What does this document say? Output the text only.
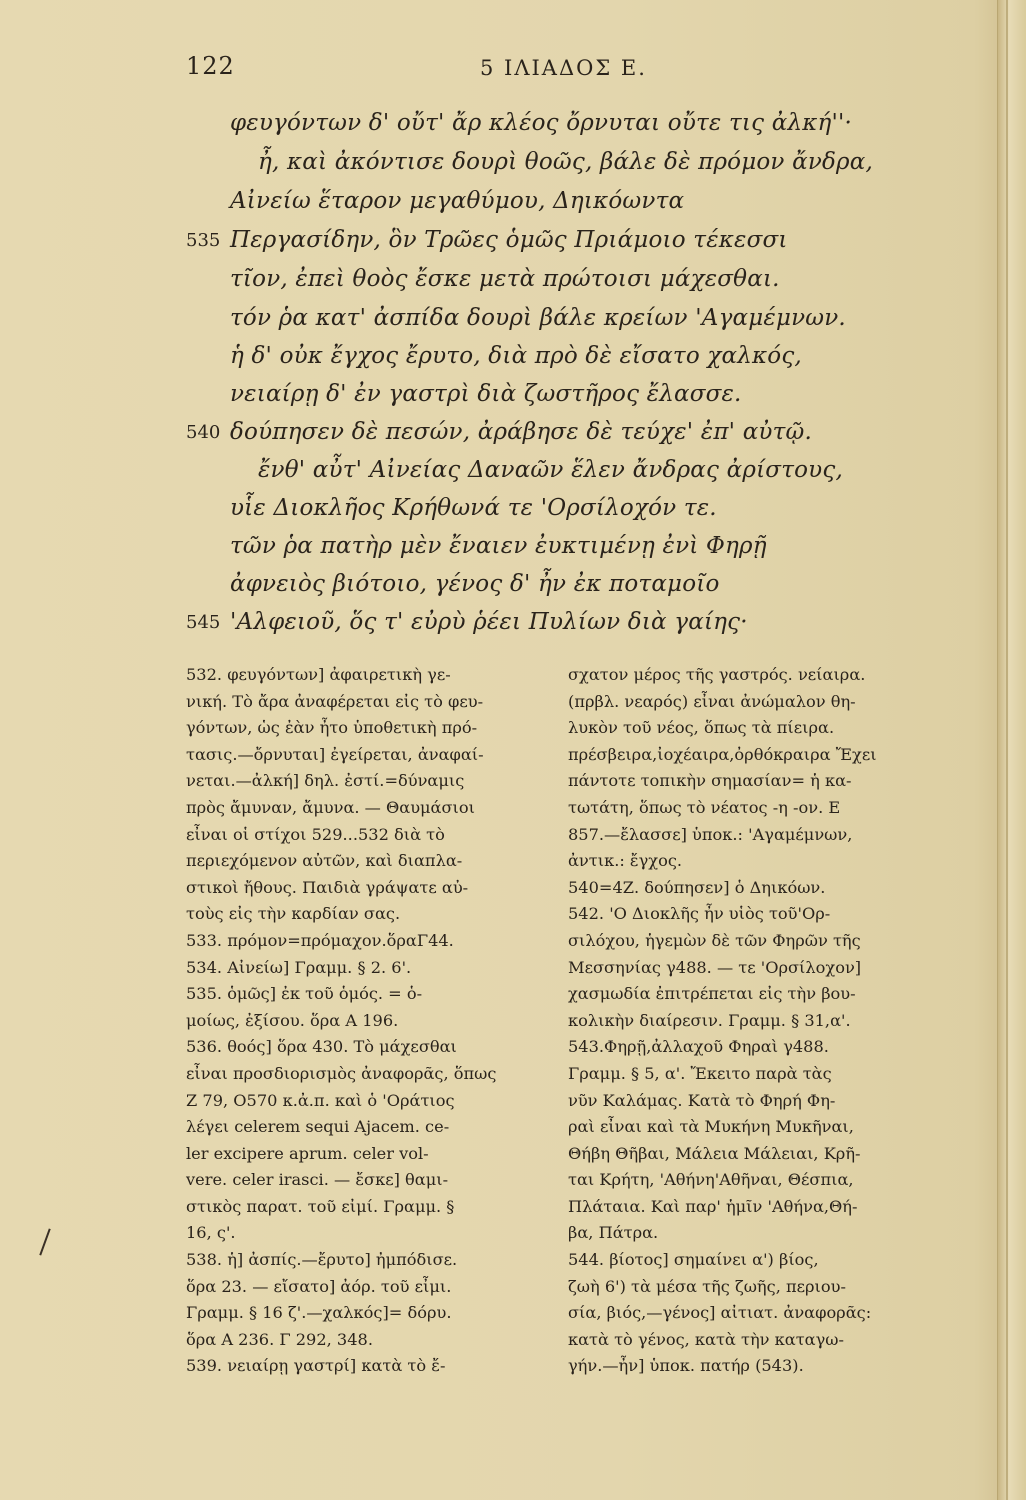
122	5 ΙΛΙΑΔΟΣ Ε.
φευγόντων δ' οὔτ' ἄρ κλέος ὄρνυται οὔτε τις ἀλκή''·
ἦ, καὶ ἀκόντισε δουρὶ θοῶς, βάλε δὲ πρόμον ἄνδρα,
Αἰνείω ἕταρον μεγαθύμου, Δηικόωντα
Περγασίδην, ὃν Τρῶες ὁμῶς Πριάμοιο τέκεσσι
τῖον, ἐπεὶ θοὸς ἔσκε μετὰ πρώτοισι μάχεσθαι.
τόν ῥα κατ' ἀσπίδα δουρὶ βάλε κρείων 'Αγαμέμνων.
ἡ δ' οὐκ ἔγχος ἔρυτο, διὰ πρὸ δὲ εἴσατο χαλκός,
νειαίρῃ δ' ἐν γαστρὶ διὰ ζωστῆρος ἔλασσε.
δούπησεν δὲ πεσών, ἀράβησε δὲ τεύχε' ἐπ' αὐτῷ.
ἔνθ' αὖτ' Αἰνείας Δαναῶν ἕλεν ἄνδρας ἀρίστους,
υἷε Διοκλῆος Κρήθωνά τε 'Ορσίλοχόν τε.
τῶν ῥα πατὴρ μὲν ἔναιεν ἐυκτιμένῃ ἐνὶ Φηρῇ
ἀφνειὸς βιότοιο, γένος δ' ἦν ἐκ ποταμοῖο
'Αλφειοῦ, ὅς τ' εὐρὺ ῥέει Πυλίων διὰ γαίης·
535
540
545
532. φευγόντων] ἀφαιρετικὴ γε-
νική. Τὸ ἄρα ἀναφέρεται εἰς τὸ φευ-
γόντων, ὡς ἐὰν ἦτο ὑποθετικὴ πρό-
τασις.—ὄρνυται] ἐγείρεται, ἀναφαί-
νεται.—ἀλκή] δηλ. ἐστί.=δύναμις
πρὸς ἄμυναν, ἄμυνα. — Θαυμάσιοι
εἶναι οἱ στίχοι 529...532 διὰ τὸ
περιεχόμενον αὐτῶν, καὶ διαπλα-
στικοὶ ἤθους. Παιδιὰ γράψατε αὐ-
τοὺς εἰς τὴν καρδίαν σας.
533. πρόμον=πρόμαχον.ὅραΓ44.
534. Αἰνείω] Γραμμ. § 2. 6'.
535. ὁμῶς] ἐκ τοῦ ὁμός. = ὁ-
μοίως, ἐξίσου. ὅρα Α 196.
536. θοός] ὅρα 430. Τὸ μάχεσθαι
εἶναι προσδιορισμὸς ἀναφορᾶς, ὅπως
Ζ 79, Ο570 κ.ἀ.π. καὶ ὁ 'Οράτιος
λέγει celerem sequi Ajacem. ce-
ler excipere aprum. celer vol-
vere. celer irasci. — ἔσκε] θαμι-
στικὸς παρατ. τοῦ εἰμί. Γραμμ. §
16, ς'.
538. ἡ] ἀσπίς.—ἔρυτο] ἠμπόδισε.
ὅρα 23. — εἴσατο] ἀόρ. τοῦ εἶμι.
Γραμμ. § 16 ζ'.—χαλκός]= δόρυ.
ὅρα Α 236. Γ 292, 348.
539. νειαίρῃ γαστρί] κατὰ τὸ ἔ-
σχατον μέρος τῆς γαστρός. νείαιρα.
(πρβλ. νεαρός) εἶναι ἀνώμαλον θη-
λυκὸν τοῦ νέος, ὅπως τὰ πίειρα.
πρέσβειρα,ἰοχέαιρα,ὀρθόκραιρα Ἔχει
πάντοτε τοπικὴν σημασίαν= ἡ κα-
τωτάτη, ὅπως τὸ νέατος -η -ον. Ε
857.—ἔλασσε] ὑποκ.: 'Αγαμέμνων,
ἀντικ.: ἔγχος.
540=4Ζ. δούπησεν] ὁ Δηικόων.
542. 'Ο Διοκλῆς ἦν υἱὸς τοῦ'Ορ-
σιλόχου, ἡγεμὼν δὲ τῶν Φηρῶν τῆς
Μεσσηνίας γ488. — τε 'Ορσίλοχον]
χασμωδία ἐπιτρέπεται εἰς τὴν βου-
κολικὴν διαίρεσιν. Γραμμ. § 31,α'.
543.Φηρῇ,ἀλλαχοῦ Φηραὶ γ488.
Γραμμ. § 5, α'. Ἔκειτο παρὰ τὰς
νῦν Καλάμας. Κατὰ τὸ Φηρή Φη-
ραὶ εἶναι καὶ τὰ Μυκήνη Μυκῆναι,
Θήβη Θῆβαι, Μάλεια Μάλειαι, Κρῆ-
ται Κρήτη, 'Αθήνη'Αθῆναι, Θέσπια,
Πλάταια. Καὶ παρ' ἡμῖν 'Αθήνα,Θή-
βα, Πάτρα.
544. βίοτος] σημαίνει α') βίος,
ζωὴ 6') τὰ μέσα τῆς ζωῆς, περιου-
σία, βιός,—γένος] αἰτιατ. ἀναφορᾶς:
κατὰ τὸ γένος, κατὰ τὴν καταγω-
γήν.—ἦν] ὑποκ. πατήρ (543).
